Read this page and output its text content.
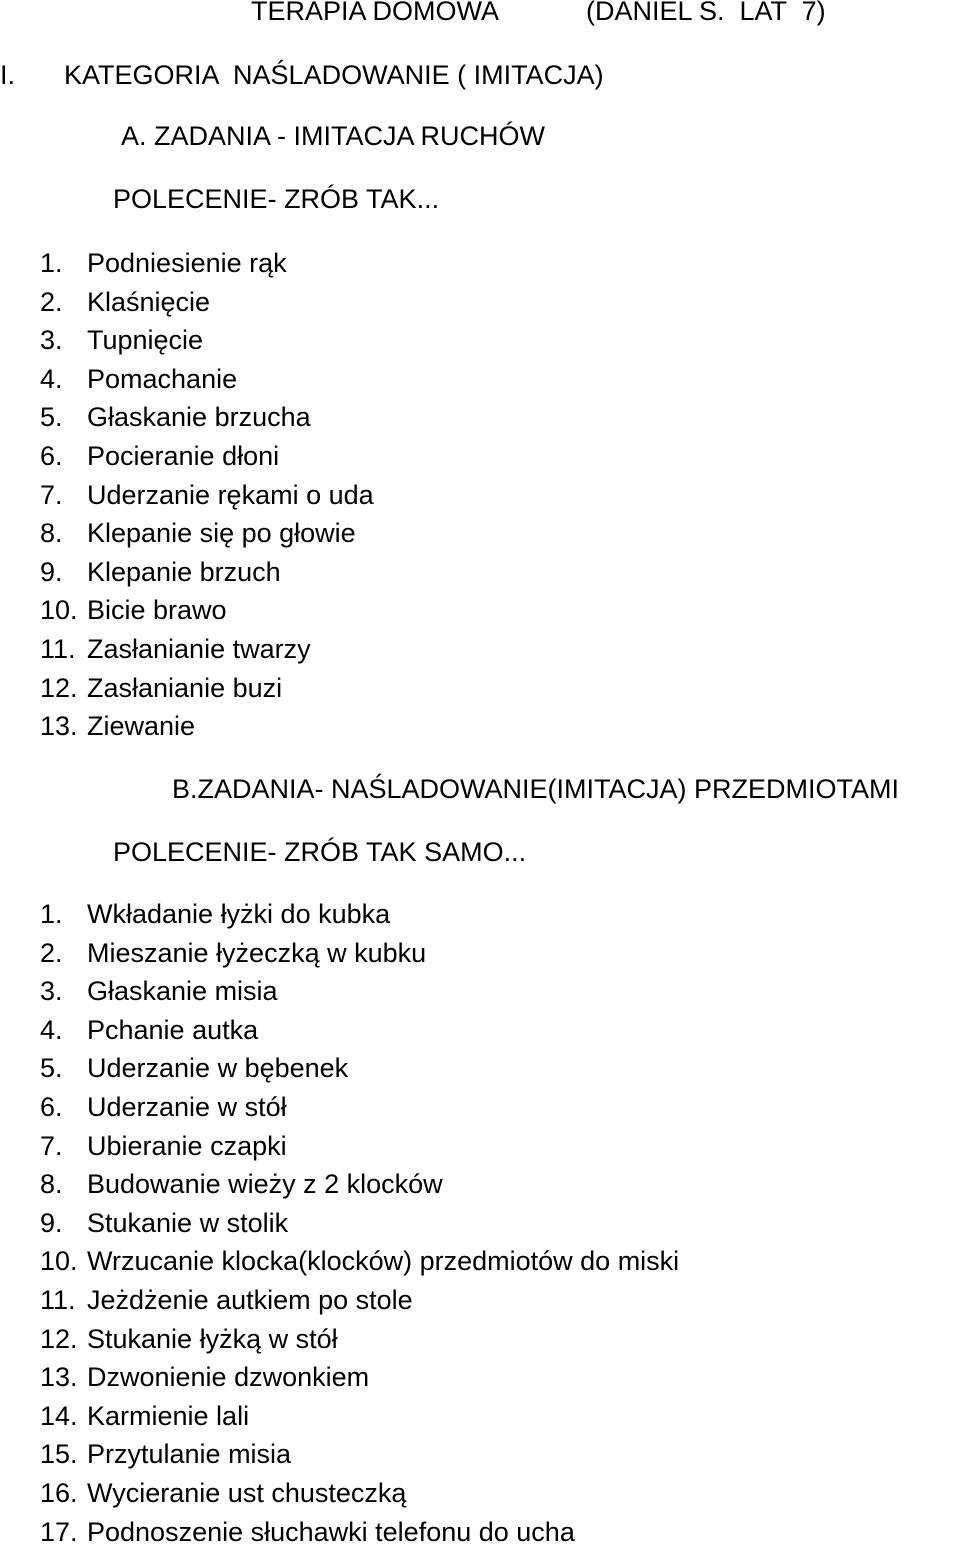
TERAPIA DOMOWA	(DANIEL S.  LAT  7)
I. KATEGORIA  NAŚLADOWANIE ( IMITACJA)
A. ZADANIA - IMITACJA RUCHÓW
POLECENIE- ZRÓB TAK...
1. Podniesienie rąk
2. Klaśnięcie
3. Tupnięcie
4. Pomachanie
5. Głaskanie brzucha
6. Pocieranie dłoni
7. Uderzanie rękami o uda
8. Klepanie się po głowie
9. Klepanie brzuch
10. Bicie brawo
11. Zasłanianie twarzy
12. Zasłanianie buzi
13. Ziewanie
B.ZADANIA- NAŚLADOWANIE(IMITACJA) PRZEDMIOTAMI
POLECENIE- ZRÓB TAK SAMO...
1. Wkładanie łyżki do kubka
2. Mieszanie łyżeczką w kubku
3. Głaskanie misia
4. Pchanie autka
5. Uderzanie w bębenek
6. Uderzanie w stół
7. Ubieranie czapki
8. Budowanie wieży z 2 klocków
9. Stukanie w stolik
10. Wrzucanie klocka(klocków) przedmiotów do miski
11. Jeżdżenie autkiem po stole
12. Stukanie łyżką w stół
13. Dzwonienie dzwonkiem
14. Karmienie lali
15. Przytulanie misia
16. Wycieranie ust chusteczką
17. Podnoszenie słuchawki telefonu do ucha
